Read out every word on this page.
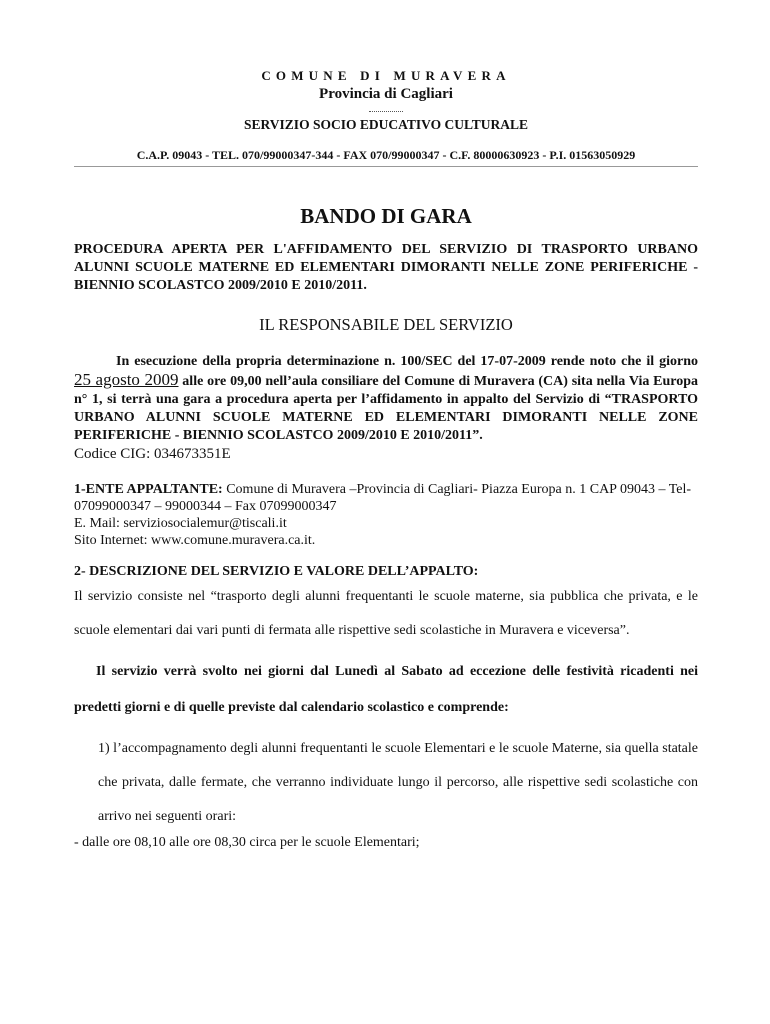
COMUNE DI MURAVERA

Provincia di Cagliari

SERVIZIO SOCIO EDUCATIVO CULTURALE

C.A.P. 09043 - TEL. 070/99000347-344 - FAX 070/99000347 - C.F. 80000630923 - P.I. 01563050929
BANDO DI GARA

PROCEDURA APERTA PER L'AFFIDAMENTO DEL SERVIZIO DI TRASPORTO URBANO ALUNNI SCUOLE MATERNE ED ELEMENTARI DIMORANTI NELLE ZONE PERIFERICHE - BIENNIO SCOLASTCO 2009/2010 E 2010/2011.

IL RESPONSABILE DEL SERVIZIO

In esecuzione della propria determinazione n. 100/SEC del 17-07-2009 rende noto che il giorno 25 agosto 2009 alle ore 09,00 nell’aula consiliare del Comune di Muravera (CA) sita nella Via Europa n° 1, si terrà una gara a procedura aperta per l’affidamento in appalto del Servizio di “TRASPORTO URBANO ALUNNI SCUOLE MATERNE ED ELEMENTARI DIMORANTI NELLE ZONE PERIFERICHE - BIENNIO SCOLASTCO 2009/2010 E 2010/2011”.

Codice CIG: 034673351E

1-ENTE APPALTANTE: Comune di Muravera –Provincia di Cagliari- Piazza Europa n. 1 CAP 09043 – Tel- 07099000347 – 99000344 – Fax 07099000347

E. Mail: serviziosocialemur@tiscali.it

Sito Internet: www.comune.muravera.ca.it.

2- DESCRIZIONE DEL SERVIZIO E VALORE DELL’APPALTO:

Il servizio consiste nel “trasporto degli alunni frequentanti le scuole materne, sia pubblica che privata, e le scuole elementari dai vari punti di fermata alle rispettive sedi scolastiche in Muravera e viceversa”.

Il servizio verrà svolto nei giorni dal Lunedì al Sabato ad eccezione delle festività ricadenti nei predetti giorni e di quelle previste dal calendario scolastico e comprende:

1) l’accompagnamento degli alunni frequentanti le scuole Elementari e le scuole Materne, sia quella statale che privata, dalle fermate, che verranno individuate lungo il percorso, alle rispettive sedi scolastiche con arrivo nei seguenti orari:

- dalle ore 08,10 alle ore 08,30 circa per le scuole Elementari;
